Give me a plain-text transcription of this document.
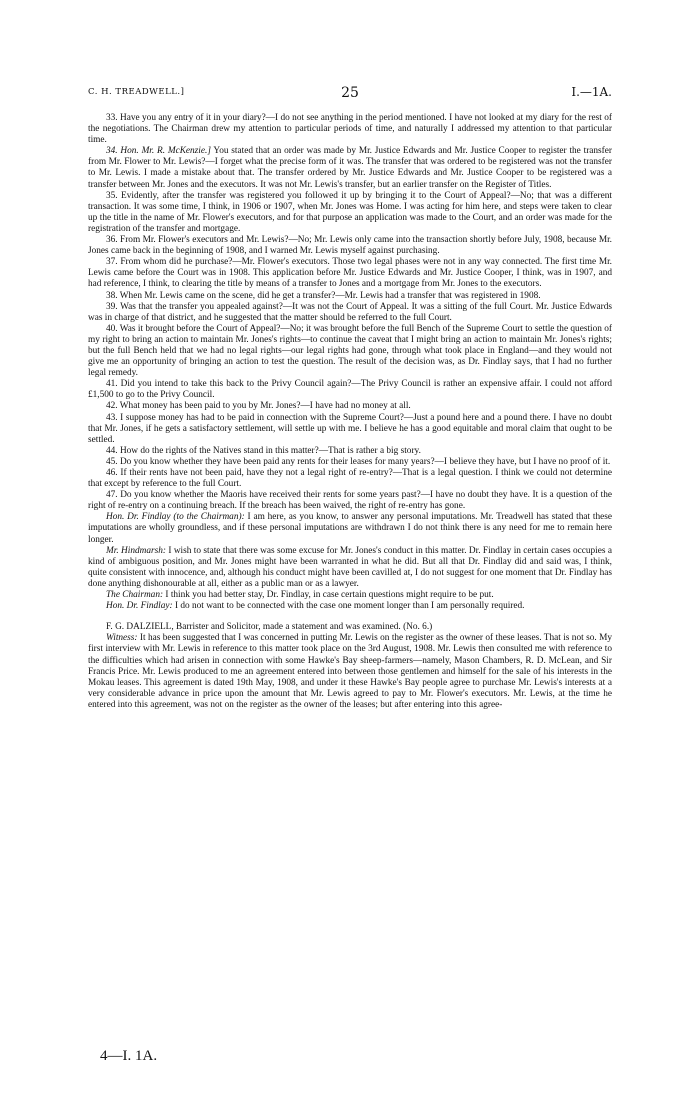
C. H. TREADWELL.]	25	I.—1A.

33. Have you any entry of it in your diary?—I do not see anything in the period mentioned. I have not looked at my diary for the rest of the negotiations. The Chairman drew my attention to particular periods of time, and naturally I addressed my attention to that particular time.

34. Hon. Mr. R. McKenzie.] You stated that an order was made by Mr. Justice Edwards and Mr. Justice Cooper to register the transfer from Mr. Flower to Mr. Lewis?—I forget what the precise form of it was. The transfer that was ordered to be registered was not the transfer to Mr. Lewis. I made a mistake about that. The transfer ordered by Mr. Justice Edwards and Mr. Justice Cooper to be registered was a transfer between Mr. Jones and the executors. It was not Mr. Lewis's transfer, but an earlier transfer on the Register of Titles.

35. Evidently, after the transfer was registered you followed it up by bringing it to the Court of Appeal?—No; that was a different transaction. It was some time, I think, in 1906 or 1907, when Mr. Jones was Home. I was acting for him here, and steps were taken to clear up the title in the name of Mr. Flower's executors, and for that purpose an application was made to the Court, and an order was made for the registration of the transfer and mortgage.

36. From Mr. Flower's executors and Mr. Lewis?—No; Mr. Lewis only came into the transaction shortly before July, 1908, because Mr. Jones came back in the beginning of 1908, and I warned Mr. Lewis myself against purchasing.

37. From whom did he purchase?—Mr. Flower's executors. Those two legal phases were not in any way connected. The first time Mr. Lewis came before the Court was in 1908. This application before Mr. Justice Edwards and Mr. Justice Cooper, I think, was in 1907, and had reference, I think, to clearing the title by means of a transfer to Jones and a mortgage from Mr. Jones to the executors.

38. When Mr. Lewis came on the scene, did he get a transfer?—Mr. Lewis had a transfer that was registered in 1908.

39. Was that the transfer you appealed against?—It was not the Court of Appeal. It was a sitting of the full Court. Mr. Justice Edwards was in charge of that district, and he suggested that the matter should be referred to the full Court.

40. Was it brought before the Court of Appeal?—No; it was brought before the full Bench of the Supreme Court to settle the question of my right to bring an action to maintain Mr. Jones's rights—to continue the caveat that I might bring an action to maintain Mr. Jones's rights; but the full Bench held that we had no legal rights—our legal rights had gone, through what took place in England—and they would not give me an opportunity of bringing an action to test the question. The result of the decision was, as Dr. Findlay says, that I had no further legal remedy.

41. Did you intend to take this back to the Privy Council again?—The Privy Council is rather an expensive affair. I could not afford £1,500 to go to the Privy Council.

42. What money has been paid to you by Mr. Jones?—I have had no money at all.

43. I suppose money has had to be paid in connection with the Supreme Court?—Just a pound here and a pound there. I have no doubt that Mr. Jones, if he gets a satisfactory settlement, will settle up with me. I believe he has a good equitable and moral claim that ought to be settled.

44. How do the rights of the Natives stand in this matter?—That is rather a big story.

45. Do you know whether they have been paid any rents for their leases for many years?—I believe they have, but I have no proof of it.

46. If their rents have not been paid, have they not a legal right of re-entry?—That is a legal question. I think we could not determine that except by reference to the full Court.

47. Do you know whether the Maoris have received their rents for some years past?—I have no doubt they have. It is a question of the right of re-entry on a continuing breach. If the breach has been waived, the right of re-entry has gone.

Hon. Dr. Findlay (to the Chairman): I am here, as you know, to answer any personal imputations. Mr. Treadwell has stated that these imputations are wholly groundless, and if these personal imputations are withdrawn I do not think there is any need for me to remain here longer.

Mr. Hindmarsh: I wish to state that there was some excuse for Mr. Jones's conduct in this matter. Dr. Findlay in certain cases occupies a kind of ambiguous position, and Mr. Jones might have been warranted in what he did. But all that Dr. Findlay did and said was, I think, quite consistent with innocence, and, although his conduct might have been cavilled at, I do not suggest for one moment that Dr. Findlay has done anything dishonourable at all, either as a public man or as a lawyer.

The Chairman: I think you had better stay, Dr. Findlay, in case certain questions might require to be put.

Hon. Dr. Findlay: I do not want to be connected with the case one moment longer than I am personally required.

F. G. DALZIELL, Barrister and Solicitor, made a statement and was examined. (No. 6.)

Witness: It has been suggested that I was concerned in putting Mr. Lewis on the register as the owner of these leases. That is not so. My first interview with Mr. Lewis in reference to this matter took place on the 3rd August, 1908. Mr. Lewis then consulted me with reference to the difficulties which had arisen in connection with some Hawke's Bay sheep-farmers—namely, Mason Chambers, R. D. McLean, and Sir Francis Price. Mr. Lewis produced to me an agreement entered into between those gentlemen and himself for the sale of his interests in the Mokau leases. This agreement is dated 19th May, 1908, and under it these Hawke's Bay people agree to purchase Mr. Lewis's interests at a very considerable advance in price upon the amount that Mr. Lewis agreed to pay to Mr. Flower's executors. Mr. Lewis, at the time he entered into this agreement, was not on the register as the owner of the leases; but after entering into this agree-

4—I. 1A.
